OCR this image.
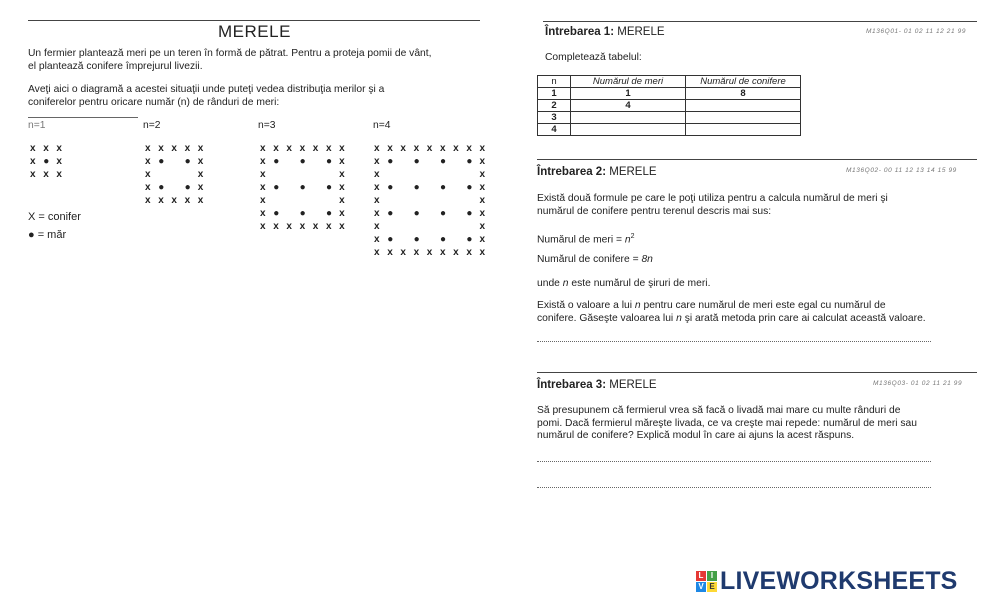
MERELE
Un fermier plantează meri pe un teren în formă de pătrat. Pentru a proteja pomii de vânt,
el plantează conifere împrejurul livezii.
Aveţi aici o diagramă a acestei situaţii unde puteţi vedea distribuţia merilor şi a
coniferelor pentru oricare număr (n) de rânduri de meri:
n=1	n=2	n=3	n=4
x x x
x ● x
x x x
x x x x x
x ● ● x
x	x
x ● ● x
x x x x x
x x x x x x x
x ● ● ● x
x	x
x ● ● ● x
x	x
x ● ● ● x
x x x x x x x
x x x x x x x x x
x ● ● ● ● x
x	x
x ● ● ● ● x
x	x
x ● ● ● ● x
x	x
x ● ● ● ● x
x x x x x x x x x
X = conifer
● = măr
Întrebarea 1: MERELE	M136Q01- 01 02 11 12 21 99
Completează tabelul:
n	Numărul de meri	Numărul de conifere
1	1	8
2	4	
3		
4		
Întrebarea 2: MERELE	M136Q02- 00 11 12 13 14 15 99
Există două formule pe care le poţi utiliza pentru a calcula numărul de meri şi
numărul de conifere pentru terenul descris mai sus:
Numărul de meri = $n^2$
Numărul de conifere = 8n
unde n este numărul de şiruri de meri.
Există o valoare a lui n pentru care numărul de meri este egal cu numărul de
conifere. Găseşte valoarea lui n şi arată metoda prin care ai calculat această valoare.
Întrebarea 3: MERELE	M136Q03- 01 02 11 21 99
Să presupunem că fermierul vrea să facă o livadă mai mare cu multe rânduri de
pomi. Dacă fermierul măreşte livada, ce va creşte mai repede: numărul de meri sau
numărul de conifere? Explică modul în care ai ajuns la acest răspuns.
L I
V E LIVEWORKSHEETS
